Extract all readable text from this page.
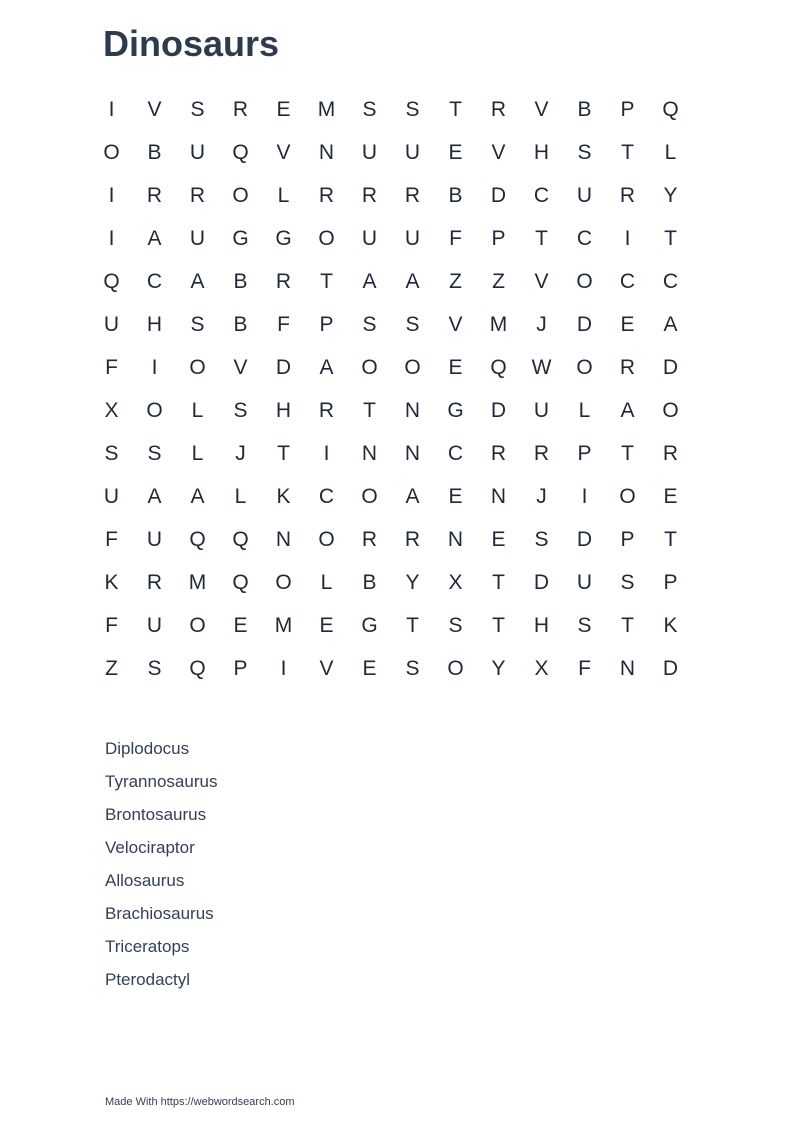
Dinosaurs
I	V	S	R	E	M	S	S	T	R	V	B	P	Q
O	B	U	Q	V	N	U	U	E	V	H	S	T	L
I	R	R	O	L	R	R	R	B	D	C	U	R	Y
I	A	U	G	G	O	U	U	F	P	T	C	I	T
Q	C	A	B	R	T	A	A	Z	Z	V	O	C	C
U	H	S	B	F	P	S	S	V	M	J	D	E	A
F	I	O	V	D	A	O	O	E	Q	W	O	R	D
X	O	L	S	H	R	T	N	G	D	U	L	A	O
S	S	L	J	T	I	N	N	C	R	R	P	T	R
U	A	A	L	K	C	O	A	E	N	J	I	O	E
F	U	Q	Q	N	O	R	R	N	E	S	D	P	T
K	R	M	Q	O	L	B	Y	X	T	D	U	S	P
F	U	O	E	M	E	G	T	S	T	H	S	T	K
Z	S	Q	P	I	V	E	S	O	Y	X	F	N	D
Diplodocus
Tyrannosaurus
Brontosaurus
Velociraptor
Allosaurus
Brachiosaurus
Triceratops
Pterodactyl

Made With https://webwordsearch.com
